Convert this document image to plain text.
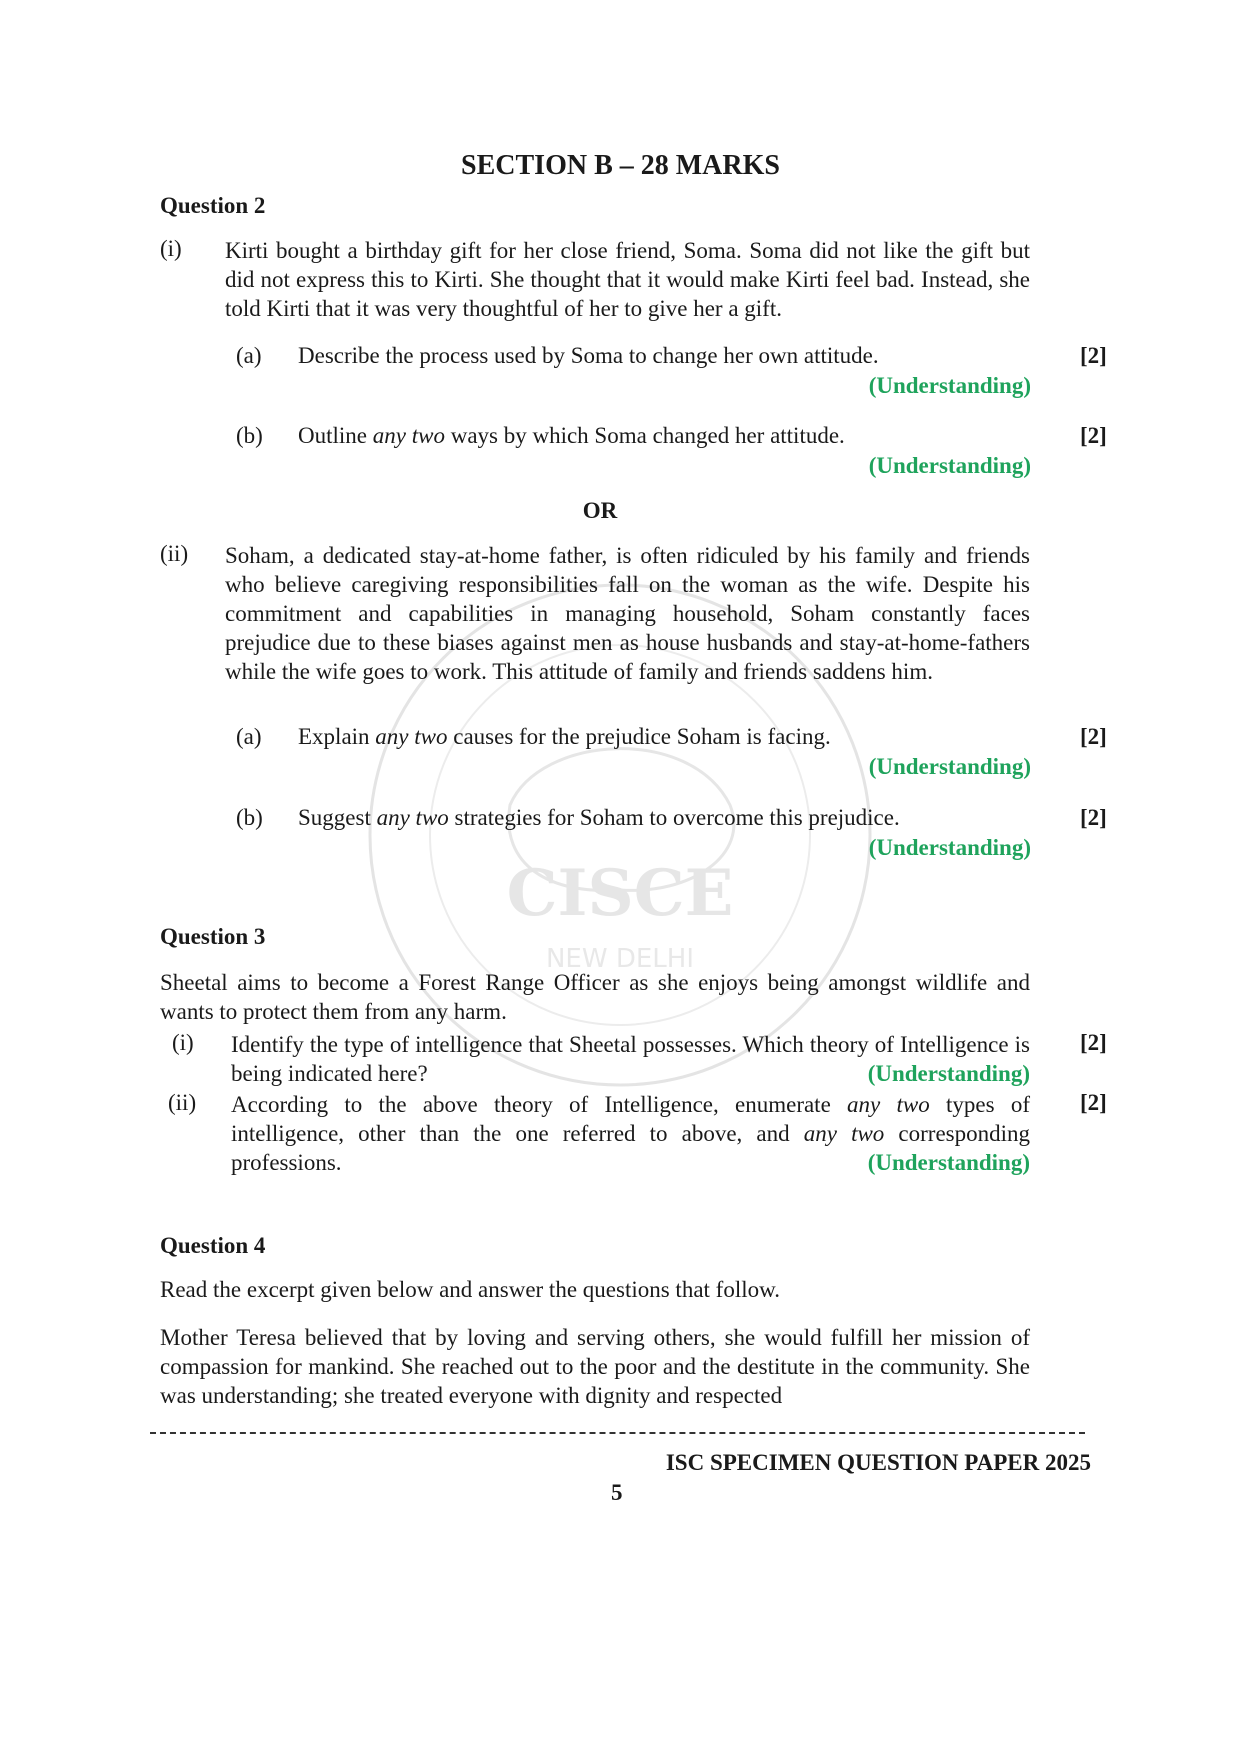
CISCE
NEW DELHI
SECTION B – 28 MARKS
Question 2
(i) Kirti bought a birthday gift for her close friend, Soma. Soma did not like the gift but did not express this to Kirti. She thought that it would make Kirti feel bad. Instead, she told Kirti that it was very thoughtful of her to give her a gift.
(a) Describe the process used by Soma to change her own attitude.	[2]
(Understanding)
(b) Outline any two ways by which Soma changed her attitude.	[2]
(Understanding)
OR
(ii) Soham, a dedicated stay-at-home father, is often ridiculed by his family and friends who believe caregiving responsibilities fall on the woman as the wife. Despite his commitment and capabilities in managing household, Soham constantly faces prejudice due to these biases against men as house husbands and stay-at-home-fathers while the wife goes to work. This attitude of family and friends saddens him.
(a) Explain any two causes for the prejudice Soham is facing.	[2]
(Understanding)
(b) Suggest any two strategies for Soham to overcome this prejudice.	[2]
(Understanding)
Question 3
Sheetal aims to become a Forest Range Officer as she enjoys being amongst wildlife and wants to protect them from any harm.
(i) Identify the type of intelligence that Sheetal possesses. Which theory of Intelligence is being indicated here?	(Understanding)
[2]
(ii) According to the above theory of Intelligence, enumerate any two types of intelligence, other than the one referred to above, and any two corresponding professions.	(Understanding)
[2]
Question 4
Read the excerpt given below and answer the questions that follow.
Mother Teresa believed that by loving and serving others, she would fulfill her mission of compassion for mankind. She reached out to the poor and the destitute in the community. She was understanding; she treated everyone with dignity and respected
ISC SPECIMEN QUESTION PAPER 2025
5
